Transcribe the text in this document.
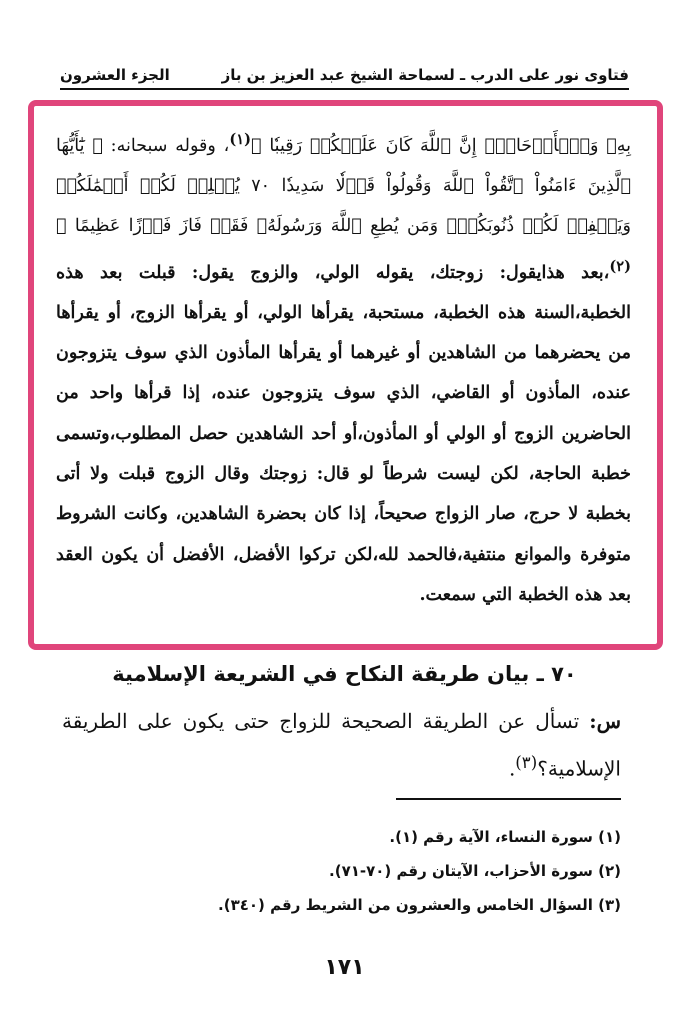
فتاوى نور على الدرب ـ لسماحة الشيخ عبد العزيز بن باز
الجزء العشرون

بِهِۦ وَٱلۡأَرۡحَامَۚ إِنَّ ٱللَّهَ كَانَ عَلَيۡكُمۡ رَقِيبٗا ﴾$^{(١)}$، وقوله سبحانه: ﴿ يَٰٓأَيُّهَا ٱلَّذِينَ ءَامَنُواْ ٱتَّقُواْ ٱللَّهَ وَقُولُواْ قَوۡلٗا سَدِيدٗا ٧٠ يُصۡلِحۡ لَكُمۡ أَعۡمَٰلَكُمۡ وَيَغۡفِرۡ لَكُمۡ ذُنُوبَكُمۡۗ وَمَن يُطِعِ ٱللَّهَ وَرَسُولَهُۥ فَقَدۡ فَازَ فَوۡزًا عَظِيمًا ﴾$^{(٢)}$،بعد هذايقول: زوجتك، يقوله الولي، والزوج يقول: قبلت بعد هذه الخطبة،السنة هذه الخطبة، مستحبة، يقرأها الولي، أو يقرأها الزوج، أو يقرأها من يحضرهما من الشاهدين أو غيرهما أو يقرأها المأذون الذي سوف يتزوجون عنده، المأذون أو القاضي، الذي سوف يتزوجون عنده، إذا قرأها واحد من الحاضرين الزوج أو الولي أو المأذون،أو أحد الشاهدين حصل المطلوب،وتسمى خطبة الحاجة، لكن ليست شرطاً لو قال: زوجتك وقال الزوج قبلت ولا أتى بخطبة لا حرج، صار الزواج صحيحاً، إذا كان بحضرة الشاهدين، وكانت الشروط متوفرة والموانع منتفية،فالحمد لله،لكن تركوا الأفضل، الأفضل أن يكون العقد بعد هذه الخطبة التي سمعت.

٧٠ ـ بيان طريقة النكاح في الشريعة الإسلامية
س: تسأل عن الطريقة الصحيحة للزواج حتى يكون على الطريقة الإسلامية؟$^{(٣)}$.
(١) سورة النساء، الآية رقم (١).
(٢) سورة الأحزاب، الآيتان رقم (٧٠-٧١).
(٣) السؤال الخامس والعشرون من الشريط رقم (٣٤٠).
١٧١
